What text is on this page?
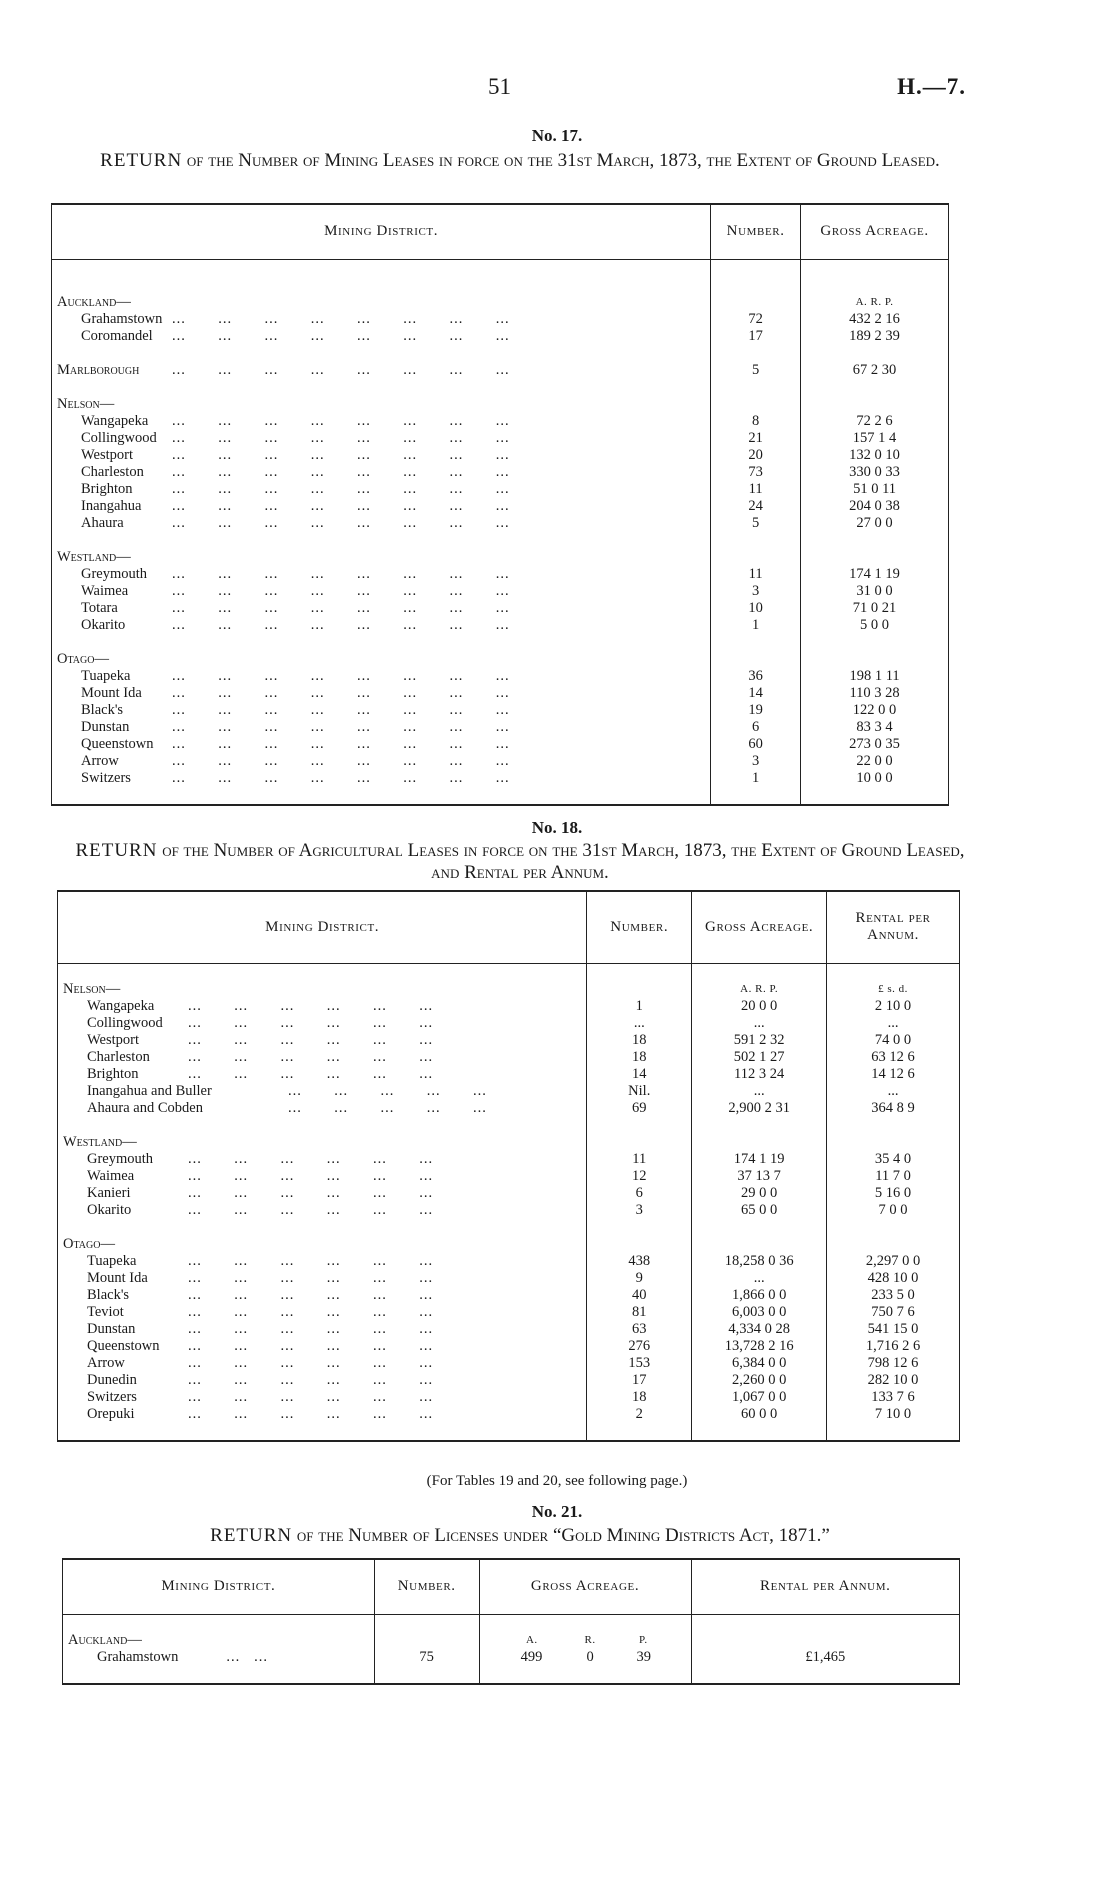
51	H.—7.
No. 17.
RETURN of the Number of Mining Leases in force on the 31st March, 1873, the Extent of Ground Leased.
Mining District.	Number.	Gross Acreage.

Auckland—		A. R. P.
Grahamstown ...       ...       ...       ...       ...       ...       ...       ...	72	432 2 16
Coromandel ...       ...       ...       ...       ...       ...       ...       ...	17	189 2 39

Marlborough ...       ...       ...       ...       ...       ...       ...       ...	5	67 2 30

Nelson—		
Wangapeka ...       ...       ...       ...       ...       ...       ...       ...	8	72 2 6
Collingwood ...       ...       ...       ...       ...       ...       ...       ...	21	157 1 4
Westport ...       ...       ...       ...       ...       ...       ...       ...	20	132 0 10
Charleston ...       ...       ...       ...       ...       ...       ...       ...	73	330 0 33
Brighton ...       ...       ...       ...       ...       ...       ...       ...	11	51 0 11
Inangahua ...       ...       ...       ...       ...       ...       ...       ...	24	204 0 38
Ahaura ...       ...       ...       ...       ...       ...       ...       ...	5	27 0 0

Westland—		
Greymouth ...       ...       ...       ...       ...       ...       ...       ...	11	174 1 19
Waimea ...       ...       ...       ...       ...       ...       ...       ...	3	31 0 0
Totara ...       ...       ...       ...       ...       ...       ...       ...	10	71 0 21
Okarito ...       ...       ...       ...       ...       ...       ...       ...	1	5 0 0

Otago—		
Tuapeka ...       ...       ...       ...       ...       ...       ...       ...	36	198 1 11
Mount Ida ...       ...       ...       ...       ...       ...       ...       ...	14	110 3 28
Black's ...       ...       ...       ...       ...       ...       ...       ...	19	122 0 0
Dunstan ...       ...       ...       ...       ...       ...       ...       ...	6	83 3 4
Queenstown ...       ...       ...       ...       ...       ...       ...       ...	60	273 0 35
Arrow ...       ...       ...       ...       ...       ...       ...       ...	3	22 0 0
Switzers ...       ...       ...       ...       ...       ...       ...       ...	1	10 0 0

No. 18.
RETURN of the Number of Agricultural Leases in force on the 31st March, 1873, the Extent of Ground Leased, and Rental per Annum.
Mining District.	Number.	Gross Acreage.	Rental per Annum.

Nelson—		A. R. P.	£ s. d.
Wangapeka ...       ...       ...       ...       ...       ...	1	20 0 0	2 10 0
Collingwood ...       ...       ...       ...       ...       ...	...	...	...
Westport ...       ...       ...       ...       ...       ...	18	591 2 32	74 0 0
Charleston ...       ...       ...       ...       ...       ...	18	502 1 27	63 12 6
Brighton ...       ...       ...       ...       ...       ...	14	112 3 24	14 12 6
Inangahua and Buller ...       ...       ...       ...       ...	Nil.	...	...
Ahaura and Cobden ...       ...       ...       ...       ...	69	2,900 2 31	364 8 9

Westland—			
Greymouth ...       ...       ...       ...       ...       ...	11	174 1 19	35 4 0
Waimea ...       ...       ...       ...       ...       ...	12	37 13 7	11 7 0
Kanieri ...       ...       ...       ...       ...       ...	6	29 0 0	5 16 0
Okarito ...       ...       ...       ...       ...       ...	3	65 0 0	7 0 0

Otago—			
Tuapeka ...       ...       ...       ...       ...       ...	438	18,258 0 36	2,297 0 0
Mount Ida ...       ...       ...       ...       ...       ...	9	...	428 10 0
Black's ...       ...       ...       ...       ...       ...	40	1,866 0 0	233 5 0
Teviot ...       ...       ...       ...       ...       ...	81	6,003 0 0	750 7 6
Dunstan ...       ...       ...       ...       ...       ...	63	4,334 0 28	541 15 0
Queenstown ...       ...       ...       ...       ...       ...	276	13,728 2 16	1,716 2 6
Arrow ...       ...       ...       ...       ...       ...	153	6,384 0 0	798 12 6
Dunedin ...       ...       ...       ...       ...       ...	17	2,260 0 0	282 10 0
Switzers ...       ...       ...       ...       ...       ...	18	1,067 0 0	133 7 6
Orepuki ...       ...       ...       ...       ...       ...	2	60 0 0	7 10 0

(For Tables 19 and 20, see following page.)
No. 21.
RETURN of the Number of Licenses under “Gold Mining Districts Act, 1871.”
Mining District.	Number.	Gross Acreage.	Rental per Annum.

Auckland—		A. R. P.	
Grahamstown ...   ...	75	499 0 39	£1,465
